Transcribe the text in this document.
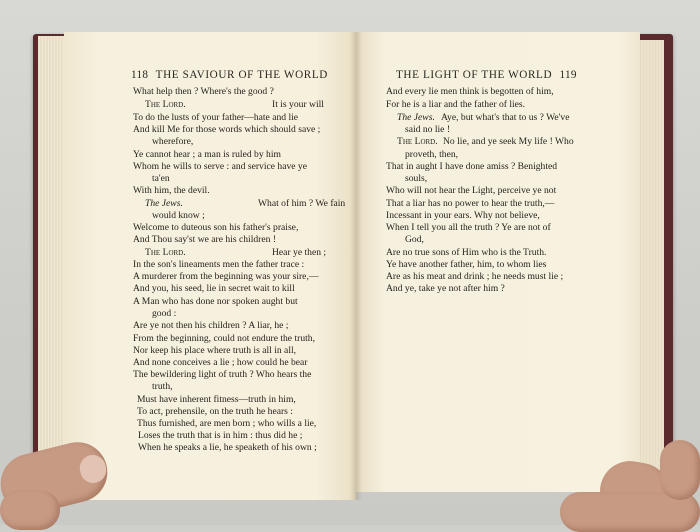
118 THE SAVIOUR OF THE WORLD	THE LIGHT OF THE WORLD 119
What help then ? Where's the good ?
The Lord.	It is your will
To do the lusts of your father—hate and lie
And kill Me for those words which should save ;
wherefore,
Ye cannot hear ; a man is ruled by him
Whom he wills to serve : and service have ye
ta'en
With him, the devil.
The Jews.	What of him ? We fain
would know ;
Welcome to duteous son his father's praise,
And Thou say'st we are his children !
The Lord.	Hear ye then ;
In the son's lineaments men the father trace :
A murderer from the beginning was your sire,—
And you, his seed, lie in secret wait to kill
A Man who has done nor spoken aught but
good :
Are ye not then his children ? A liar, he ;
From the beginning, could not endure the truth,
Nor keep his place where truth is all in all,
And none conceives a lie ; how could he bear
The bewildering light of truth ? Who hears the
truth,
Must have inherent fitness—truth in him,
To act, prehensile, on the truth he hears :
Thus furnished, are men born ; who wills a lie,
Loses the truth that is in him : thus did he ;
When he speaks a lie, he speaketh of his own ;
And every lie men think is begotten of him,
For he is a liar and the father of lies.
The Jews. Aye, but what's that to us ? We've
said no lie !
The Lord. No lie, and ye seek My life ! Who
proveth, then,
That in aught I have done amiss ? Benighted
souls,
Who will not hear the Light, perceive ye not
That a liar has no power to hear the truth,—
Incessant in your ears. Why not believe,
When I tell you all the truth ? Ye are not of
God,
Are no true sons of Him who is the Truth.
Ye have another father, him, to whom lies
Are as his meat and drink ; he needs must lie ;
And ye, take ye not after him ?
